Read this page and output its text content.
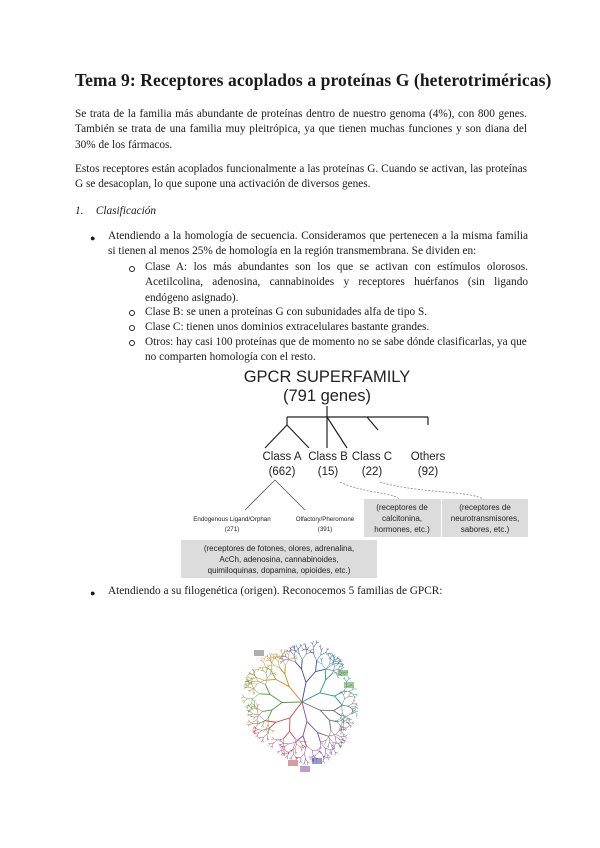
Tema 9: Receptores acoplados a proteínas G (heterotriméricas)

Se trata de la familia más abundante de proteínas dentro de nuestro genoma (4%), con 800 genes. También se trata de una familia muy pleitrópica, ya que tienen muchas funciones y son diana del 30% de los fármacos.

Estos receptores están acoplados funcionalmente a las proteínas G. Cuando se activan, las proteínas G se desacoplan, lo que supone una activación de diversos genes.

1. Clasificación
● Atendiendo a la homología de secuencia. Consideramos que pertenecen a la misma familia si tienen al menos 25% de homología en la región transmembrana. Se dividen en:
Clase A: los más abundantes son los que se activan con estímulos olorosos. Acetilcolina, adenosina, cannabinoides y receptores huérfanos (sin ligando endógeno asignado).
Clase B: se unen a proteínas G con subunidades alfa de tipo S.
Clase C: tienen unos dominios extracelulares bastante grandes.
Otros: hay casi 100 proteínas que de momento no se sabe dónde clasificarlas, ya que no comparten homología con el resto.
GPCR SUPERFAMILY
(791 genes)
Class A
(662)
Class B
(15)
Class C
(22)
Others
(92)
Endogenous Ligand/Orphan
(271)
Olfactory/Pheromone
(391)
(receptores de
calcitonina,
hormones, etc.)
(receptores de
neurotransmisores,
sabores, etc.)
(receptores de fotones, olores, adrenalina,
AcCh, adenosina, cannabinoides,
quimiloquinas, dopamina, opioides, etc.)
● Atendiendo a su filogenética (origen). Reconocemos 5 familias de GPCR:
